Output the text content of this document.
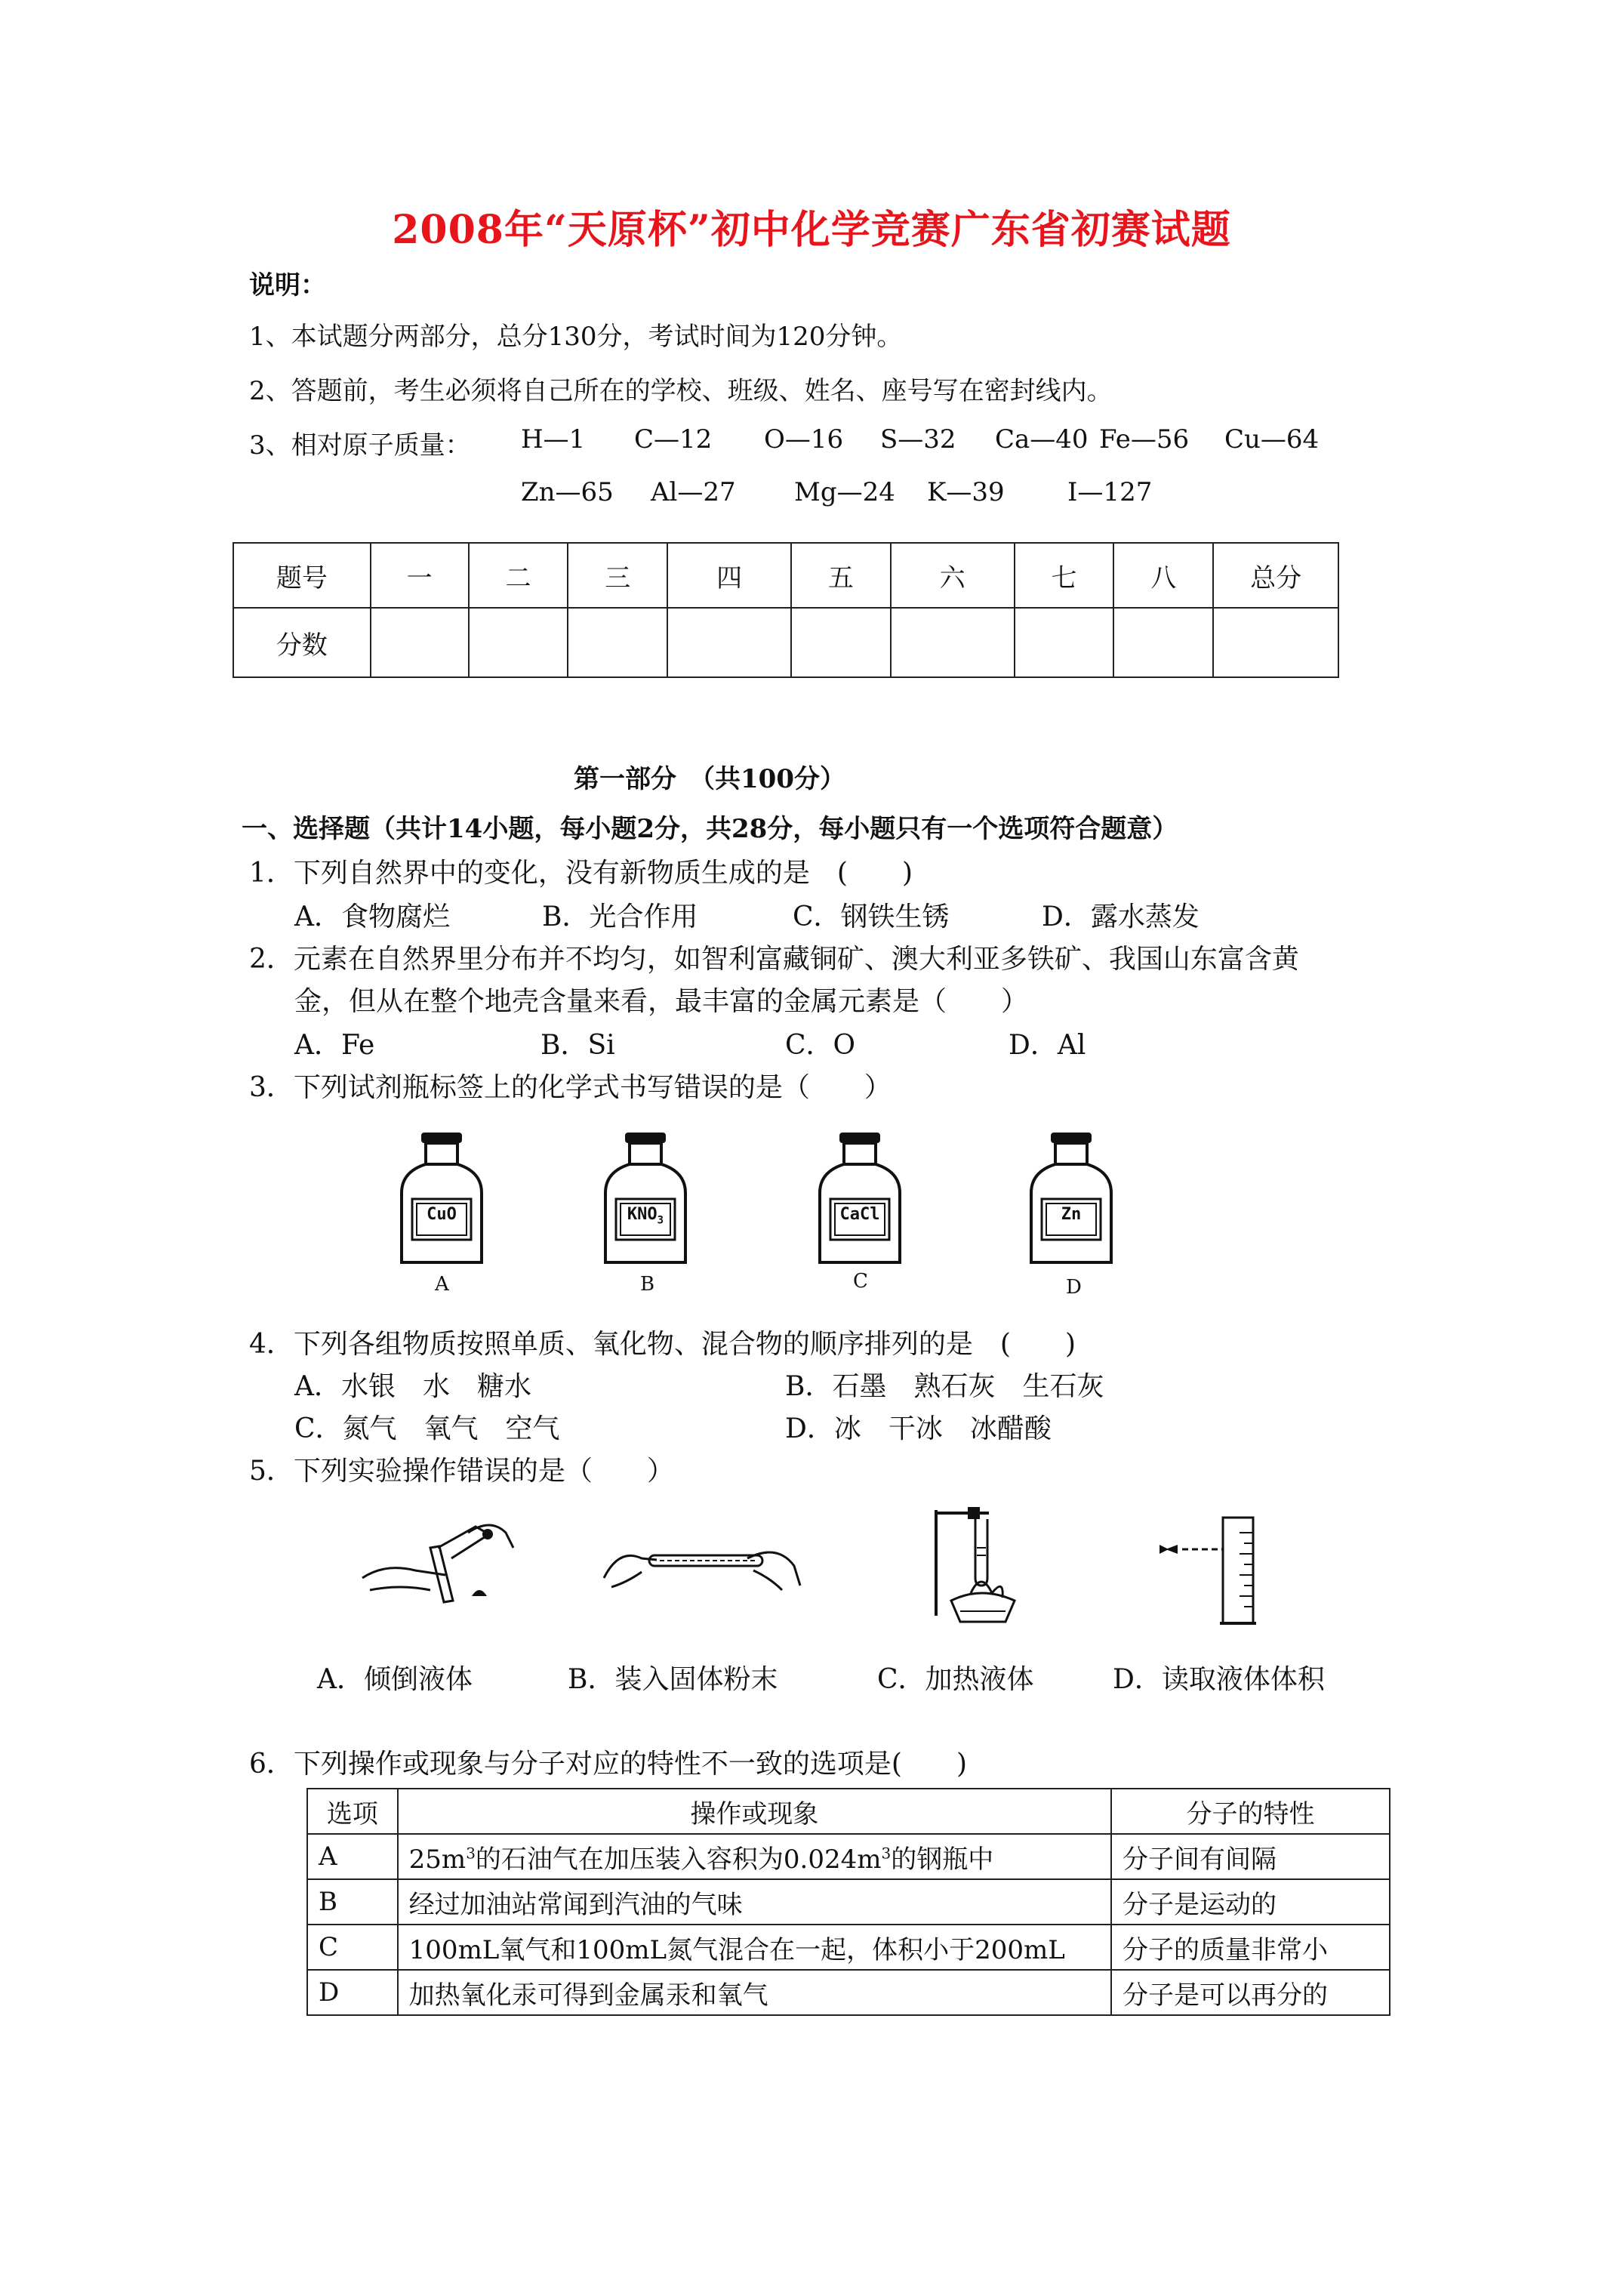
2008年“天原杯”初中化学竞赛广东省初赛试题
说明：
1、本试题分两部分，总分130分，考试时间为120分钟。
2、答题前，考生必须将自己所在的学校、班级、姓名、座号写在密封线内。
3、相对原子质量： H—1 C—12 O—16 S—32 Ca—40 Fe—56 Cu—64
Zn—65 Al—27 Mg—24 K—39 I—127
题号	一	二	三	四	五	六	七	八	总分
分数									
第一部分　（共100分）
一、选择题（共计14小题，每小题2分，共28分，每小题只有一个选项符合题意）
1．下列自然界中的变化，没有新物质生成的是　(　　)
A．食物腐烂	B．光合作用	C．钢铁生锈	D．露水蒸发
2．元素在自然界里分布并不均匀，如智利富藏铜矿、澳大利亚多铁矿、我国山东富含黄
金，但从在整个地壳含量来看，最丰富的金属元素是（　　）
A．Fe	B．Si	C．O	D．Al
3．下列试剂瓶标签上的化学式书写错误的是（　　）
CuO
A
$KNO_3$
B
CaCl
C
Zn
D
4．下列各组物质按照单质、氧化物、混合物的顺序排列的是　(　　)
A．水银　水　糖水	B．石墨　熟石灰　生石灰
C．氮气　氧气　空气	D．冰　干冰　冰醋酸
5．下列实验操作错误的是（　　）
A．倾倒液体	B．装入固体粉末	C．加热液体	D．读取液体体积
6．下列操作或现象与分子对应的特性不一致的选项是(　　)
选项	操作或现象	分子的特性
A	$25m^3$的石油气在加压装入容积为$0.024m^3$的钢瓶中	分子间有间隔
B	经过加油站常闻到汽油的气味	分子是运动的
C	100mL氧气和100mL氮气混合在一起，体积小于200mL	分子的质量非常小
D	加热氧化汞可得到金属汞和氧气	分子是可以再分的
